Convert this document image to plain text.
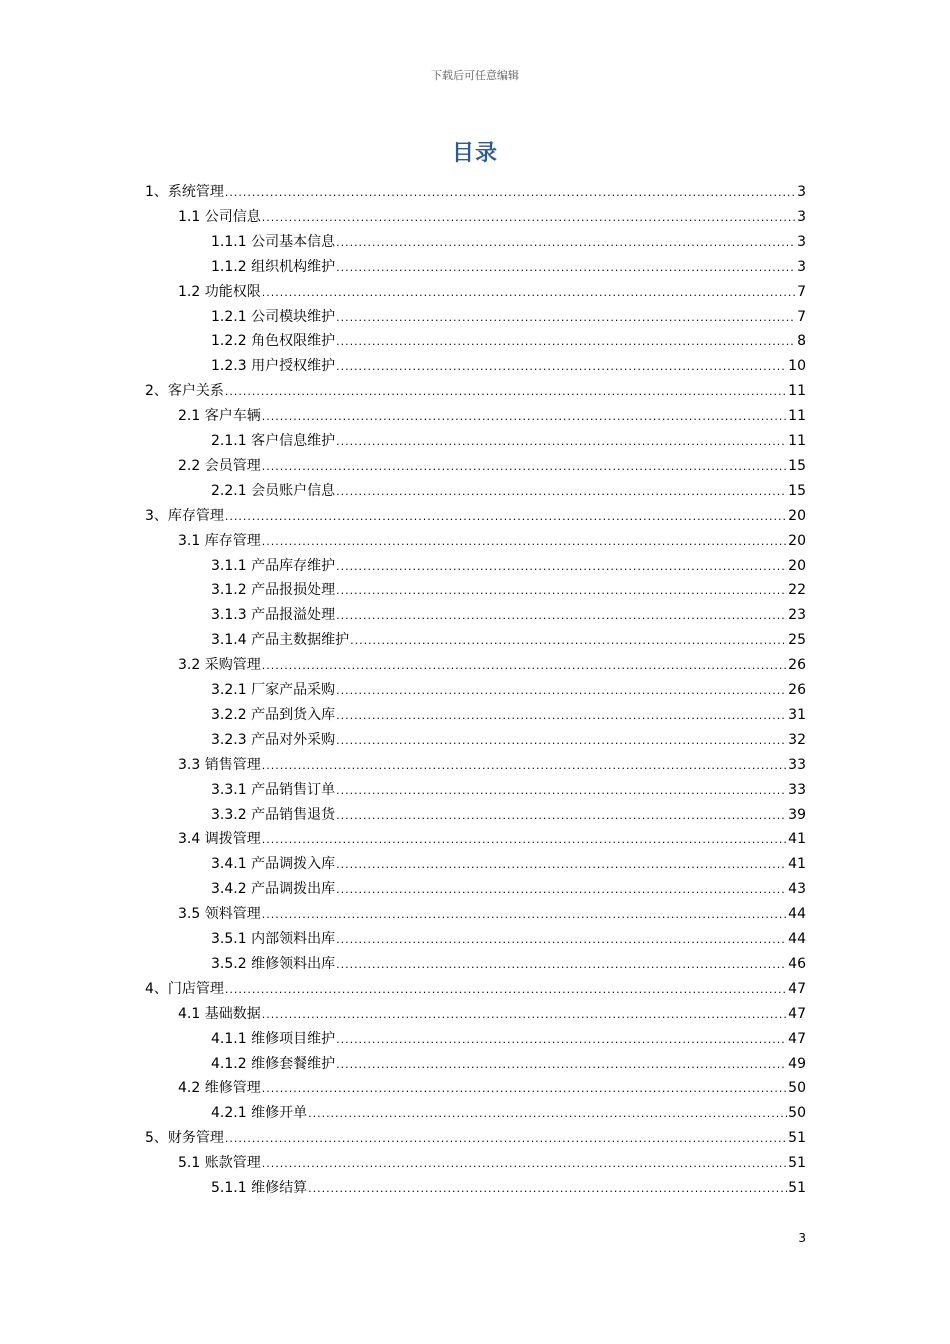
下载后可任意编辑
目录
1、系统管理 .....	3
1.1 公司信息 .....	3
1.1.1 公司基本信息 .....	3
1.1.2 组织机构维护 .....	3
1.2 功能权限 .....	7
1.2.1 公司模块维护 .....	7
1.2.2 角色权限维护 .....	8
1.2.3 用户授权维护 .....	10
2、客户关系 .....	11
2.1 客户车辆 .....	11
2.1.1 客户信息维护 .....	11
2.2 会员管理 .....	15
2.2.1 会员账户信息 .....	15
3、库存管理 .....	20
3.1 库存管理 .....	20
3.1.1 产品库存维护 .....	20
3.1.2 产品报损处理 .....	22
3.1.3 产品报溢处理 .....	23
3.1.4 产品主数据维护 .....	25
3.2 采购管理 .....	26
3.2.1 厂家产品采购 .....	26
3.2.2 产品到货入库 .....	31
3.2.3 产品对外采购 .....	32
3.3 销售管理 .....	33
3.3.1 产品销售订单 .....	33
3.3.2 产品销售退货 .....	39
3.4 调拨管理 .....	41
3.4.1 产品调拨入库 .....	41
3.4.2 产品调拨出库 .....	43
3.5 领料管理 .....	44
3.5.1 内部领料出库 .....	44
3.5.2 维修领料出库 .....	46
4、门店管理 .....	47
4.1 基础数据 .....	47
4.1.1 维修项目维护 .....	47
4.1.2 维修套餐维护 .....	49
4.2 维修管理 .....	50
4.2.1 维修开单 .....	50
5、财务管理 .....	51
5.1 账款管理 .....	51
5.1.1 维修结算 .....	51
3
